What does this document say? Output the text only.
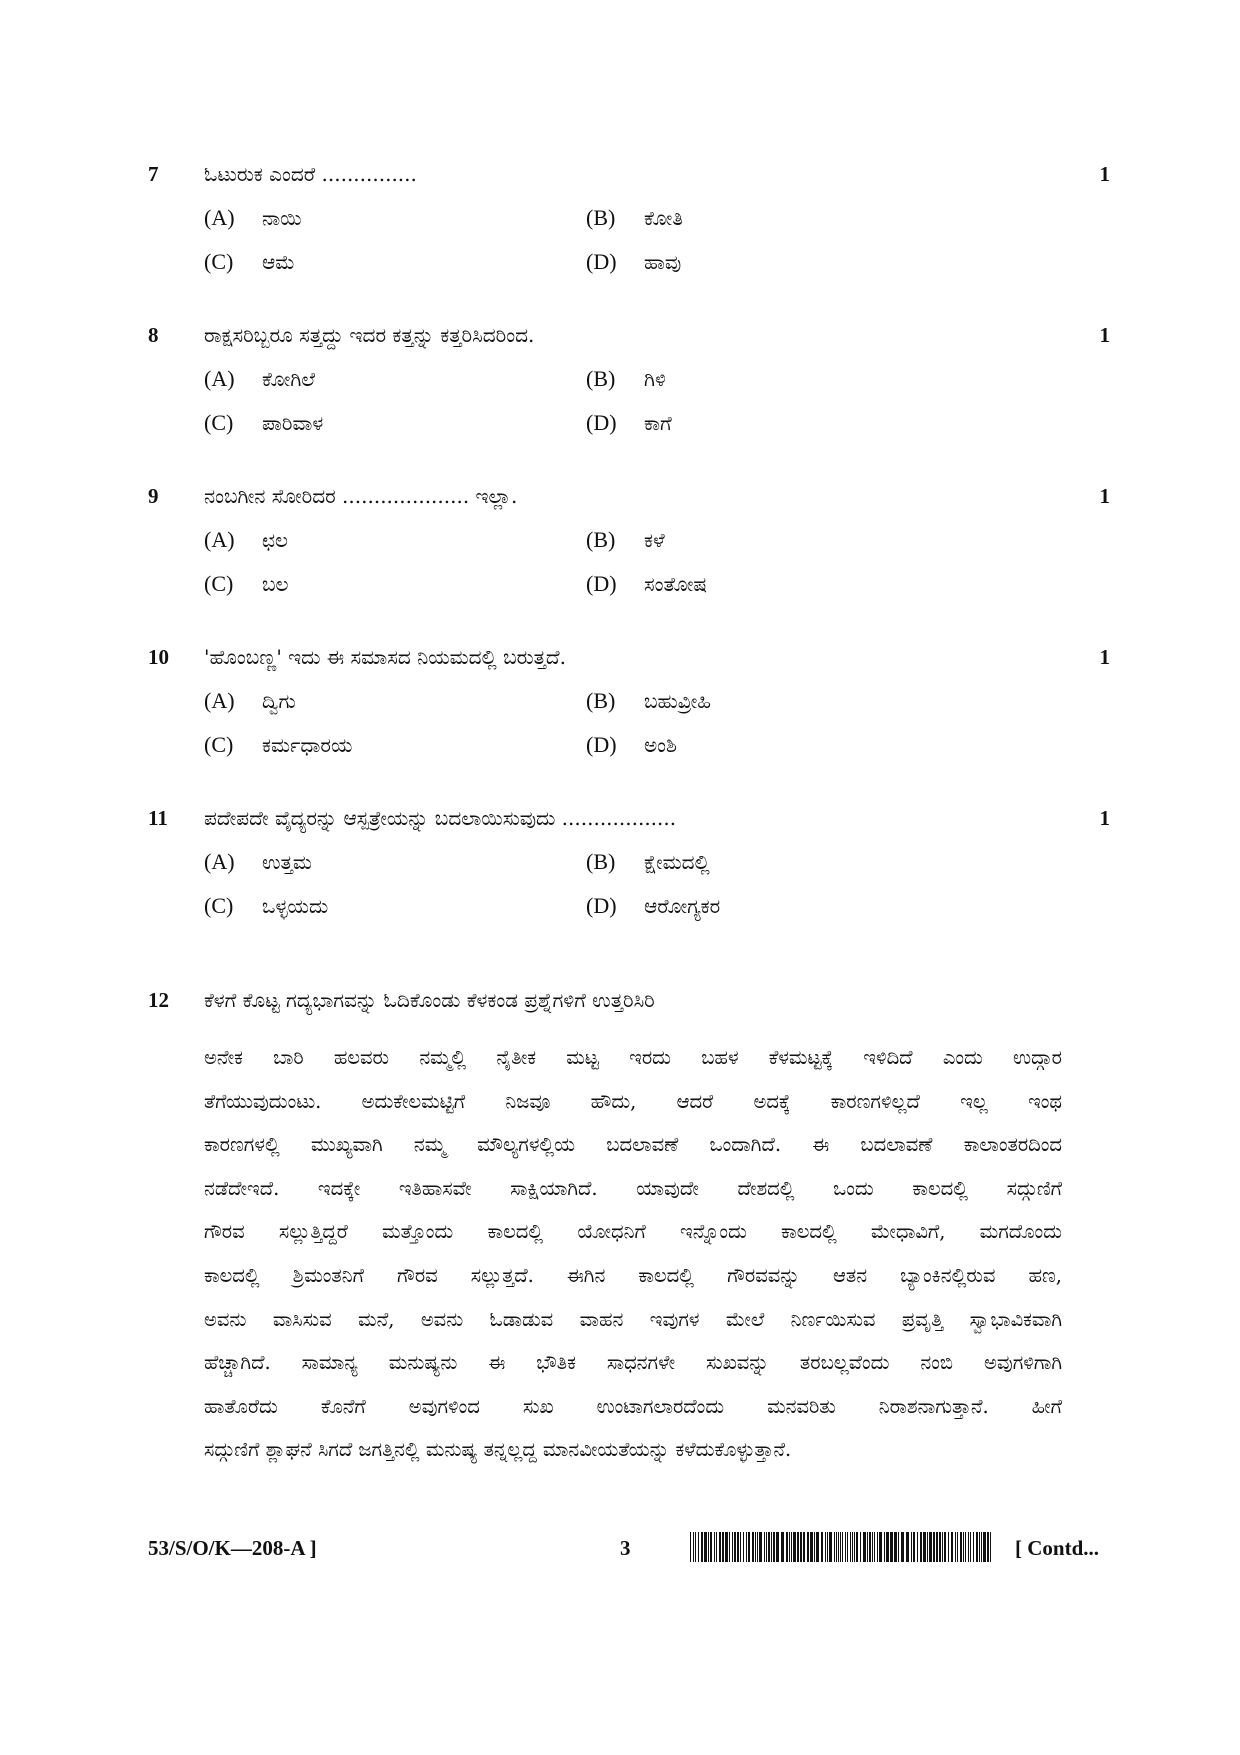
7 ಓಟುರುಕ ಎಂದರೆ ...............	1
(A) ನಾಯಿ	(B) ಕೋತಿ
(C) ಆಮೆ	(D) ಹಾವು
8 ರಾಕ್ಷಸರಿಬ್ಬರೂ ಸತ್ತದ್ದು ಇದರ ಕತ್ತನ್ನು ಕತ್ತರಿಸಿದರಿಂದ.	1
(A) ಕೋಗಿಲೆ	(B) ಗಿಳಿ
(C) ಪಾರಿವಾಳ	(D) ಕಾಗೆ
9 ನಂಬಗೀನ ಸೋರಿದರ .................... ಇಲ್ಲಾ.	1
(A) ಛಲ	(B) ಕಳೆ
(C) ಬಲ	(D) ಸಂತೋಷ
10 'ಹೊಂಬಣ್ಣ' ಇದು ಈ ಸಮಾಸದ ನಿಯಮದಲ್ಲಿ ಬರುತ್ತದೆ.	1
(A) ದ್ವಿಗು	(B) ಬಹುವ್ರೀಹಿ
(C) ಕರ್ಮಧಾರಯ	(D) ಅಂಶಿ
11 ಪದೇಪದೇ ವೈದ್ಯರನ್ನು ಆಸ್ಪತ್ರೇಯನ್ನು ಬದಲಾಯಿಸುವುದು ..................	1
(A) ಉತ್ತಮ	(B) ಕ್ಷೇಮದಲ್ಲಿ
(C) ಒಳ್ಳಯದು	(D) ಆರೋಗ್ಯಕರ
12 ಕೆಳಗೆ ಕೊಟ್ಟ ಗದ್ಯಭಾಗವನ್ನು ಓದಿಕೊಂಡು ಕೆಳಕಂಡ ಪ್ರಶ್ನೆಗಳಿಗೆ ಉತ್ತರಿಸಿರಿ
ಅನೇಕ ಬಾರಿ ಹಲವರು ನಮ್ಮಲ್ಲಿ ನೈತೀಕ ಮಟ್ಟ ಇರದು ಬಹಳ ಕೆಳಮಟ್ಟಕ್ಕೆ ಇಳಿದಿದೆ ಎಂದು ಉದ್ಗಾರ
ತೆಗೆಯುವುದುಂಟು. ಅದುಕೇಲಮಟ್ಟಿಗೆ ನಿಜವೂ ಹೌದು, ಆದರೆ ಅದಕ್ಕೆ ಕಾರಣಗಳಿಲ್ಲದೆ ಇಲ್ಲ ಇಂಥ
ಕಾರಣಗಳಲ್ಲಿ ಮುಖ್ಯವಾಗಿ ನಮ್ಮ ಮೌಲ್ಯಗಳಲ್ಲಿಯ ಬದಲಾವಣೆ ಒಂದಾಗಿದೆ. ಈ ಬದಲಾವಣೆ ಕಾಲಾಂತರದಿಂದ
ನಡೆದೇಇದೆ. ಇದಕ್ಕೇ ಇತಿಹಾಸವೇ ಸಾಕ್ಷಿಯಾಗಿದೆ. ಯಾವುದೇ ದೇಶದಲ್ಲಿ ಒಂದು ಕಾಲದಲ್ಲಿ ಸದ್ಗುಣಿಗೆ
ಗೌರವ ಸಲ್ಲುತ್ತಿದ್ದರೆ ಮತ್ತೊಂದು ಕಾಲದಲ್ಲಿ ಯೋಧನಿಗೆ ಇನ್ನೊಂದು ಕಾಲದಲ್ಲಿ ಮೇಧಾವಿಗೆ, ಮಗದೊಂದು
ಕಾಲದಲ್ಲಿ ಶ್ರಿಮಂತನಿಗೆ ಗೌರವ ಸಲ್ಲುತ್ತದೆ. ಈಗಿನ ಕಾಲದಲ್ಲಿ ಗೌರವವನ್ನು ಆತನ ಬ್ಯಾಂಕಿನಲ್ಲಿರುವ ಹಣ,
ಅವನು ವಾಸಿಸುವ ಮನೆ, ಅವನು ಓಡಾಡುವ ವಾಹನ ಇವುಗಳ ಮೇಲೆ ನಿರ್ಣಯಿಸುವ ಪ್ರವೃತ್ತಿ ಸ್ವಾಭಾವಿಕವಾಗಿ
ಹೆಚ್ಚಾಗಿದೆ. ಸಾಮಾನ್ಯ ಮನುಷ್ಯನು ಈ ಭೌತಿಕ ಸಾಧನಗಳೇ ಸುಖವನ್ನು ತರಬಲ್ಲವೆಂದು ನಂಬಿ ಅವುಗಳಿಗಾಗಿ
ಹಾತೊರೆದು ಕೊನೆಗೆ ಅವುಗಳಿಂದ ಸುಖ ಉಂಟಾಗಲಾರದೆಂದು ಮನವರಿತು ನಿರಾಶನಾಗುತ್ತಾನೆ. ಹೀಗೆ
ಸದ್ಗುಣಿಗೆ ಶ್ಲಾಘನೆ ಸಿಗದೆ ಜಗತ್ತಿನಲ್ಲಿ ಮನುಷ್ಯ ತನ್ನಲ್ಲದ್ದ ಮಾನವೀಯತೆಯನ್ನು ಕಳೆದುಕೊಳ್ಳುತ್ತಾನೆ.
53/S/O/K—208-A ]	3	[ Contd...
